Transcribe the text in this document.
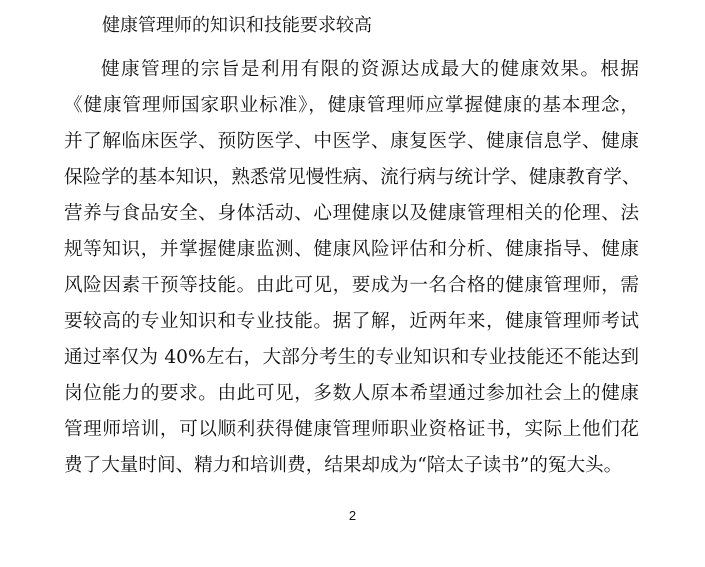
健康管理师的知识和技能要求较高
健康管理的宗旨是利用有限的资源达成最大的健康效果。根据
《健康管理师国家职业标准》，健康管理师应掌握健康的基本理念，
并了解临床医学、预防医学、中医学、康复医学、健康信息学、健康
保险学的基本知识，熟悉常见慢性病、流行病与统计学、健康教育学、
营养与食品安全、身体活动、心理健康以及健康管理相关的伦理、法
规等知识，并掌握健康监测、健康风险评估和分析、健康指导、健康
风险因素干预等技能。由此可见，要成为一名合格的健康管理师，需
要较高的专业知识和专业技能。据了解，近两年来，健康管理师考试
通过率仅为 40%左右，大部分考生的专业知识和专业技能还不能达到
岗位能力的要求。由此可见，多数人原本希望通过参加社会上的健康
管理师培训，可以顺利获得健康管理师职业资格证书，实际上他们花
费了大量时间、精力和培训费，结果却成为“陪太子读书”的冤大头。
2
